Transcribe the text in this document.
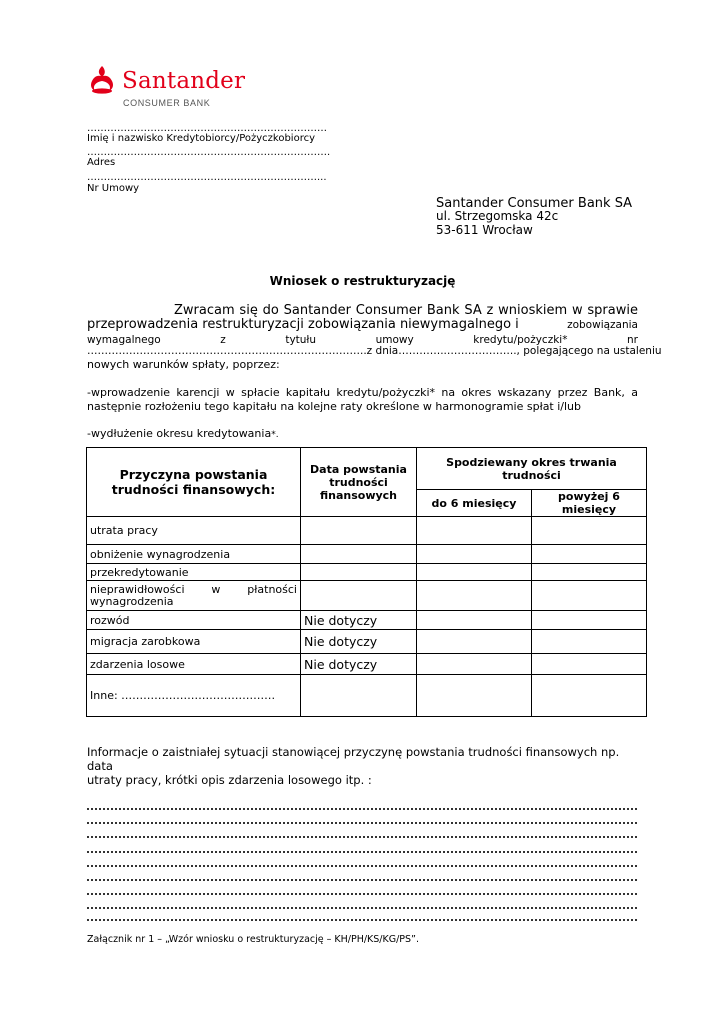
Santander
CONSUMER BANK
………………………………………………………………
Imię i nazwisko Kredytobiorcy/Pożyczkobiorcy
……………………………………………………………….
Adres
……………………………………………………………...
Nr Umowy
Santander Consumer Bank SA
ul. Strzegomska 42c
53-611 Wrocław
Wniosek o restrukturyzację
Zwracam się do Santander Consumer Bank SA z wnioskiem w sprawie
przeprowadzenia restrukturyzacji zobowiązania niewymagalnego i	zobowiązania
wymagalnego z tytułu umowy kredytu/pożyczki* nr
……………………………………………………………………..z dnia …………..……………….., polegającego na ustaleniu
nowych warunków spłaty, poprzez:
-wprowadzenie karencji w spłacie kapitału kredytu/pożyczki* na okres wskazany przez Bank, a
następnie rozłożeniu tego kapitału na kolejne raty określone w harmonogramie spłat i/lub
-wydłużenie okresu kredytowania*.
Przyczyna powstania trudności finansowych:	Data powstania trudności finansowych	Spodziewany okres trwania trudności	
		do 6 miesięcy	powyżej 6 miesięcy
utrata pracy			
obniżenie wynagrodzenia			
przekredytowanie			

nieprawidłowości w płatności
wynagrodzenia			

rozwód	Nie dotyczy		
migracja zarobkowa	Nie dotyczy		
zdarzenia losowe	Nie dotyczy		
Inne: ……………………………………			
Informacje o zaistniałej sytuacji stanowiącej przyczynę powstania trudności finansowych np. data
utraty pracy, krótki opis zdarzenia losowego itp. :
Załącznik nr 1 – „Wzór wniosku o restrukturyzację – KH/PH/KS/KG/PS”.
